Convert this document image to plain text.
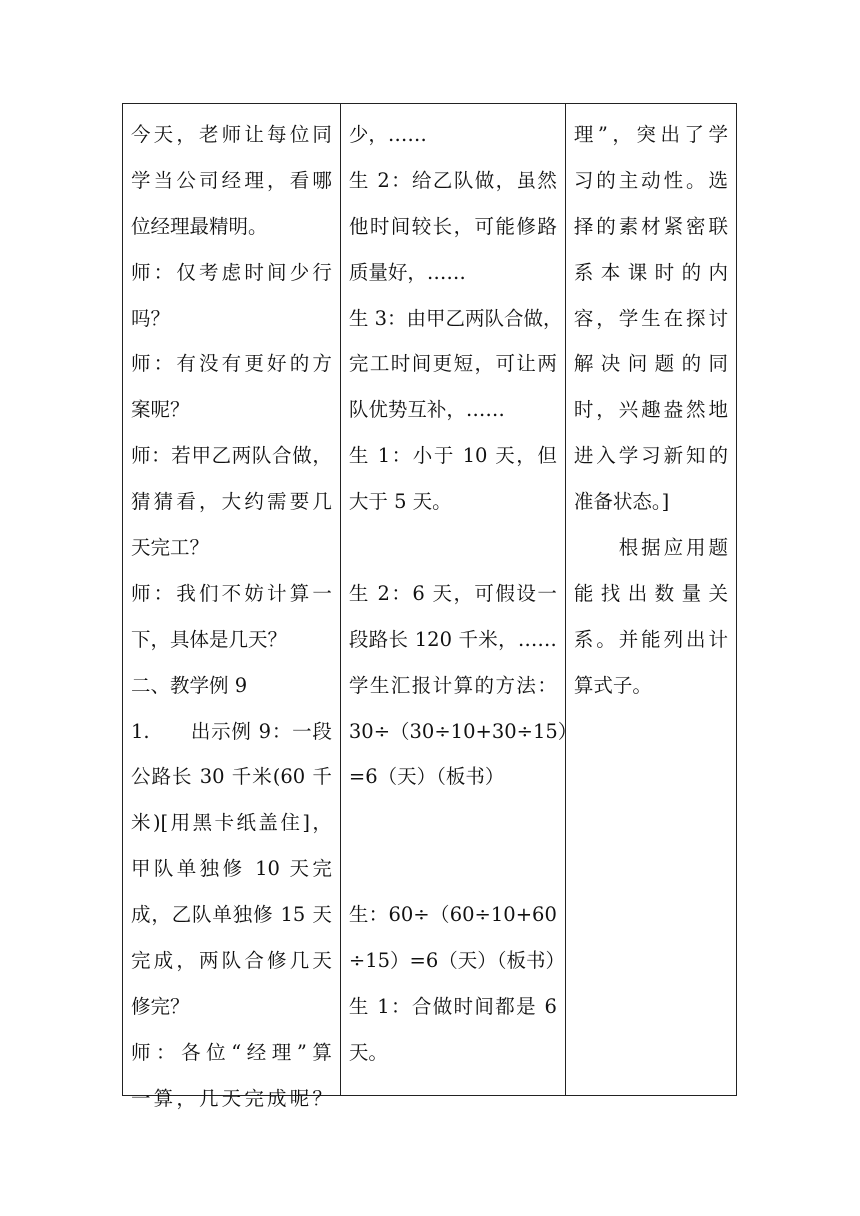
今天，老师让每位同
学当公司经理，看哪
位经理最精明。
师：仅考虑时间少行
吗？
师：有没有更好的方
案呢？
师：若甲乙两队合做，
猜猜看，大约需要几
天完工？
师：我们不妨计算一
下，具体是几天？
二、教学例 9
1.　　出示例 9：一段
公路长 30 千米(60 千
米)[用黑卡纸盖住]，
甲队单独修 10 天完
成，乙队单独修 15 天
完成，两队合修几天
修完？
师：各位“经理”算
一算，几天完成呢？
少，……
生 2：给乙队做，虽然
他时间较长，可能修路
质量好，……
生 3：由甲乙两队合做，
完工时间更短，可让两
队优势互补，……
生 1：小于 10 天，但
大于 5 天。
生 2：6 天，可假设一
段路长 120 千米，……
学生汇报计算的方法：
30÷（30÷10+30÷15）
=6（天）（板书）
生：60÷（60÷10+60
÷15）=6（天）（板书）
生 1：合做时间都是 6
天。
理”，突出了学
习的主动性。选
择的素材紧密联
系本课时的内
容，学生在探讨
解决问题的同
时，兴趣盎然地
进入学习新知的
准备状态。]
　　根据应用题
能找出数量关
系。并能列出计
算式子。
